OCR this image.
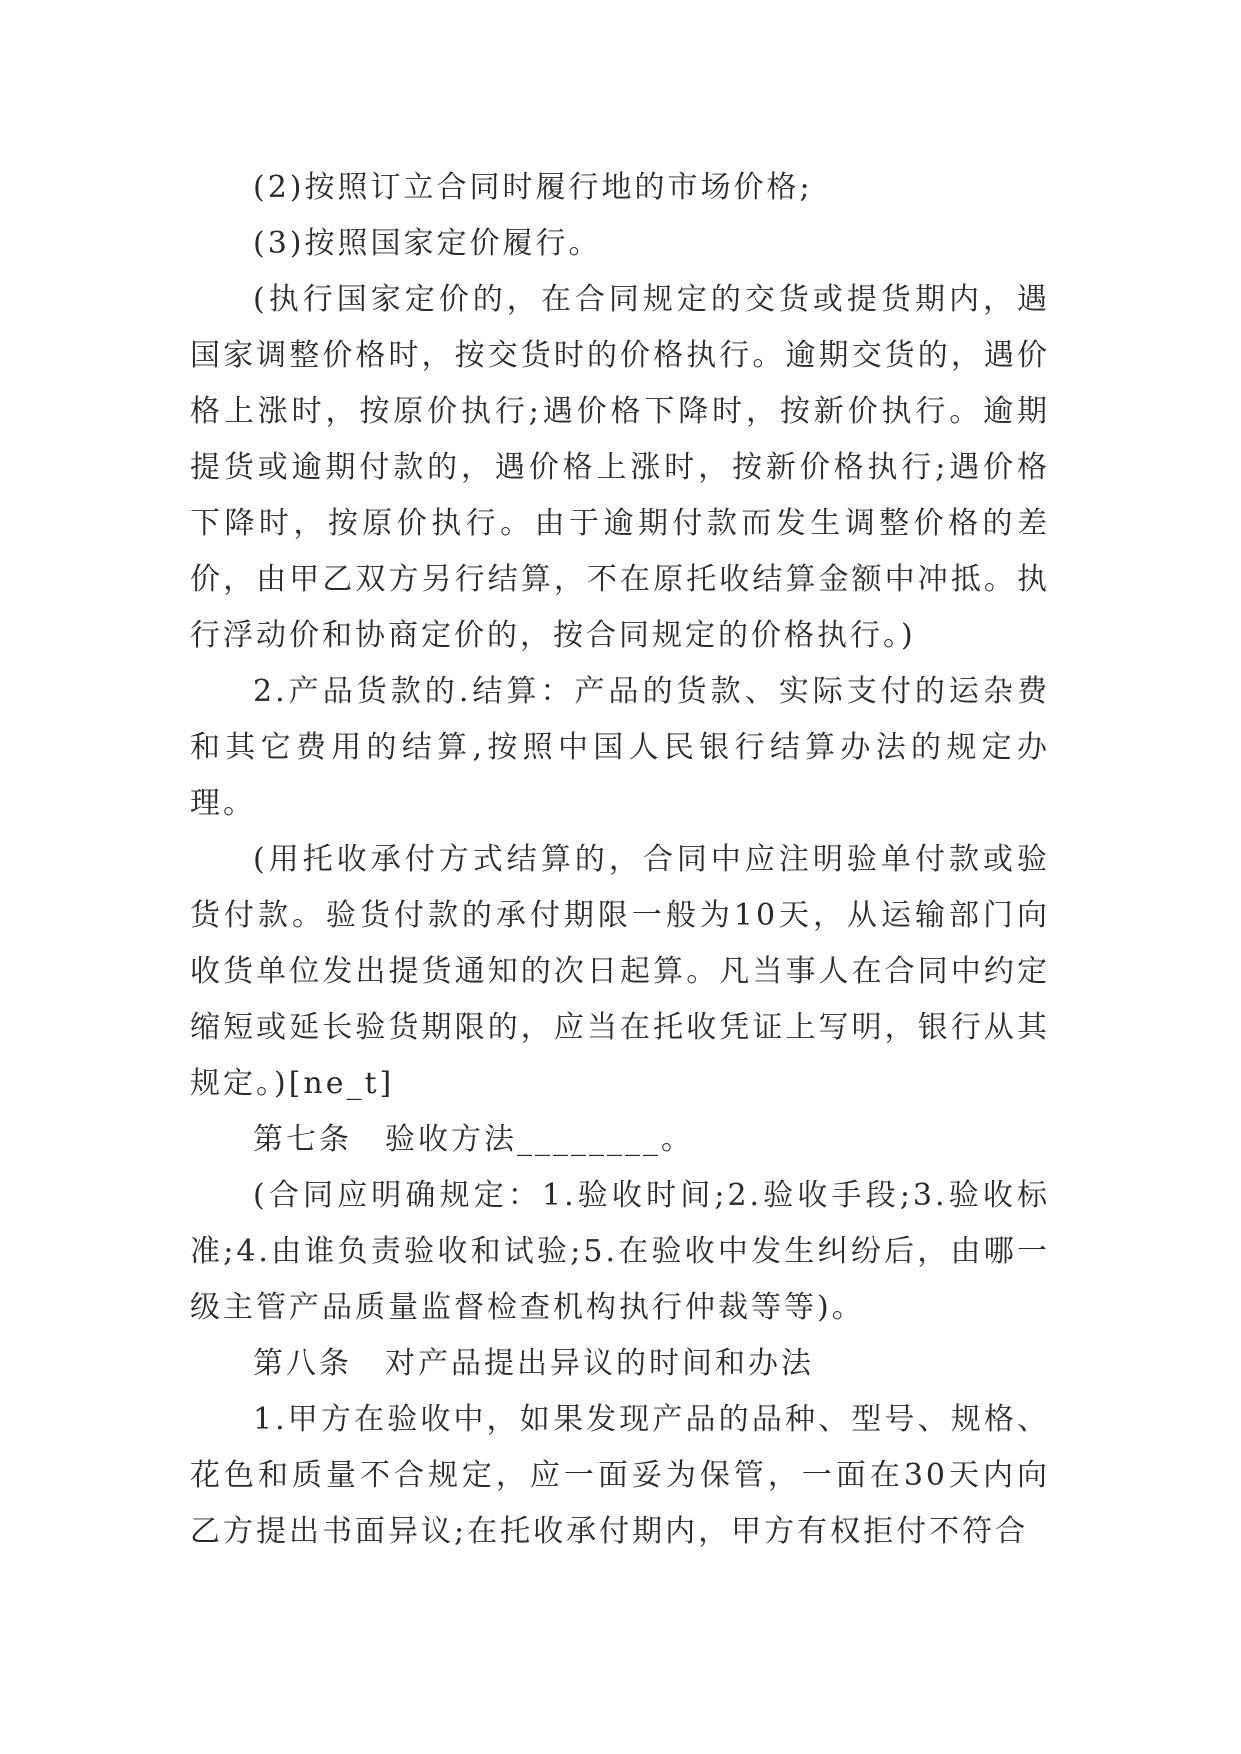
(2)按照订立合同时履行地的市场价格;

(3)按照国家定价履行。

(执行国家定价的，在合同规定的交货或提货期内，遇国家调整价格时，按交货时的价格执行。逾期交货的，遇价格上涨时，按原价执行;遇价格下降时，按新价执行。逾期提货或逾期付款的，遇价格上涨时，按新价格执行;遇价格下降时，按原价执行。由于逾期付款而发生调整价格的差价，由甲乙双方另行结算，不在原托收结算金额中冲抵。执行浮动价和协商定价的，按合同规定的价格执行。)

2.产品货款的.结算：产品的货款、实际支付的运杂费和其它费用的结算,按照中国人民银行结算办法的规定办理。

(用托收承付方式结算的，合同中应注明验单付款或验货付款。验货付款的承付期限一般为10天，从运输部门向收货单位发出提货通知的次日起算。凡当事人在合同中约定缩短或延长验货期限的，应当在托收凭证上写明，银行从其规定。)[ne_t]

第七条　验收方法________。

(合同应明确规定：1.验收时间;2.验收手段;3.验收标准;4.由谁负责验收和试验;5.在验收中发生纠纷后，由哪一级主管产品质量监督检查机构执行仲裁等等)。

第八条　对产品提出异议的时间和办法

1.甲方在验收中，如果发现产品的品种、型号、规格、花色和质量不合规定，应一面妥为保管，一面在30天内向乙方提出书面异议;在托收承付期内，甲方有权拒付不符合
